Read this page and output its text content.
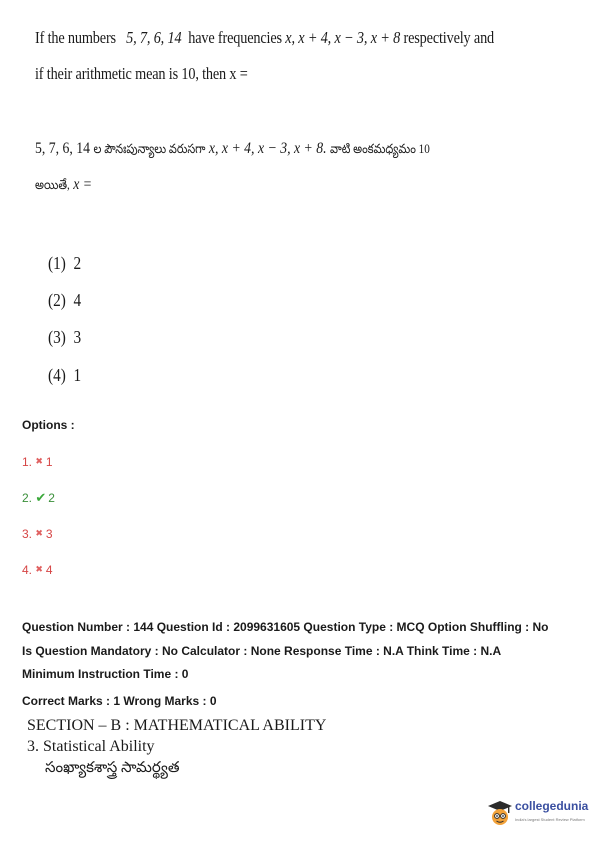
If the numbers 5, 7, 6, 14 have frequencies x, x + 4, x − 3, x + 8 respectively and
if their arithmetic mean is 10, then x =
5, 7, 6, 14 ల పౌనఃపున్యాలు వరుసగా x, x + 4, x − 3, x + 8. వాటి అంకమధ్యమం 10
అయితే, x =
(1) 2
(2) 4
(3) 3
(4) 1
Options :
1. ✖ 1
2. ✔ 2
3. ✖ 3
4. ✖ 4
Question Number : 144 Question Id : 2099631605 Question Type : MCQ Option Shuffling : No
Is Question Mandatory : No Calculator : None Response Time : N.A Think Time : N.A
Minimum Instruction Time : 0
Correct Marks : 1 Wrong Marks : 0
SECTION – B : MATHEMATICAL ABILITY
3. Statistical Ability
సంఖ్యాకశాస్త్ర సామర్థ్యత
collegedunia
India's largest Student Review Platform
